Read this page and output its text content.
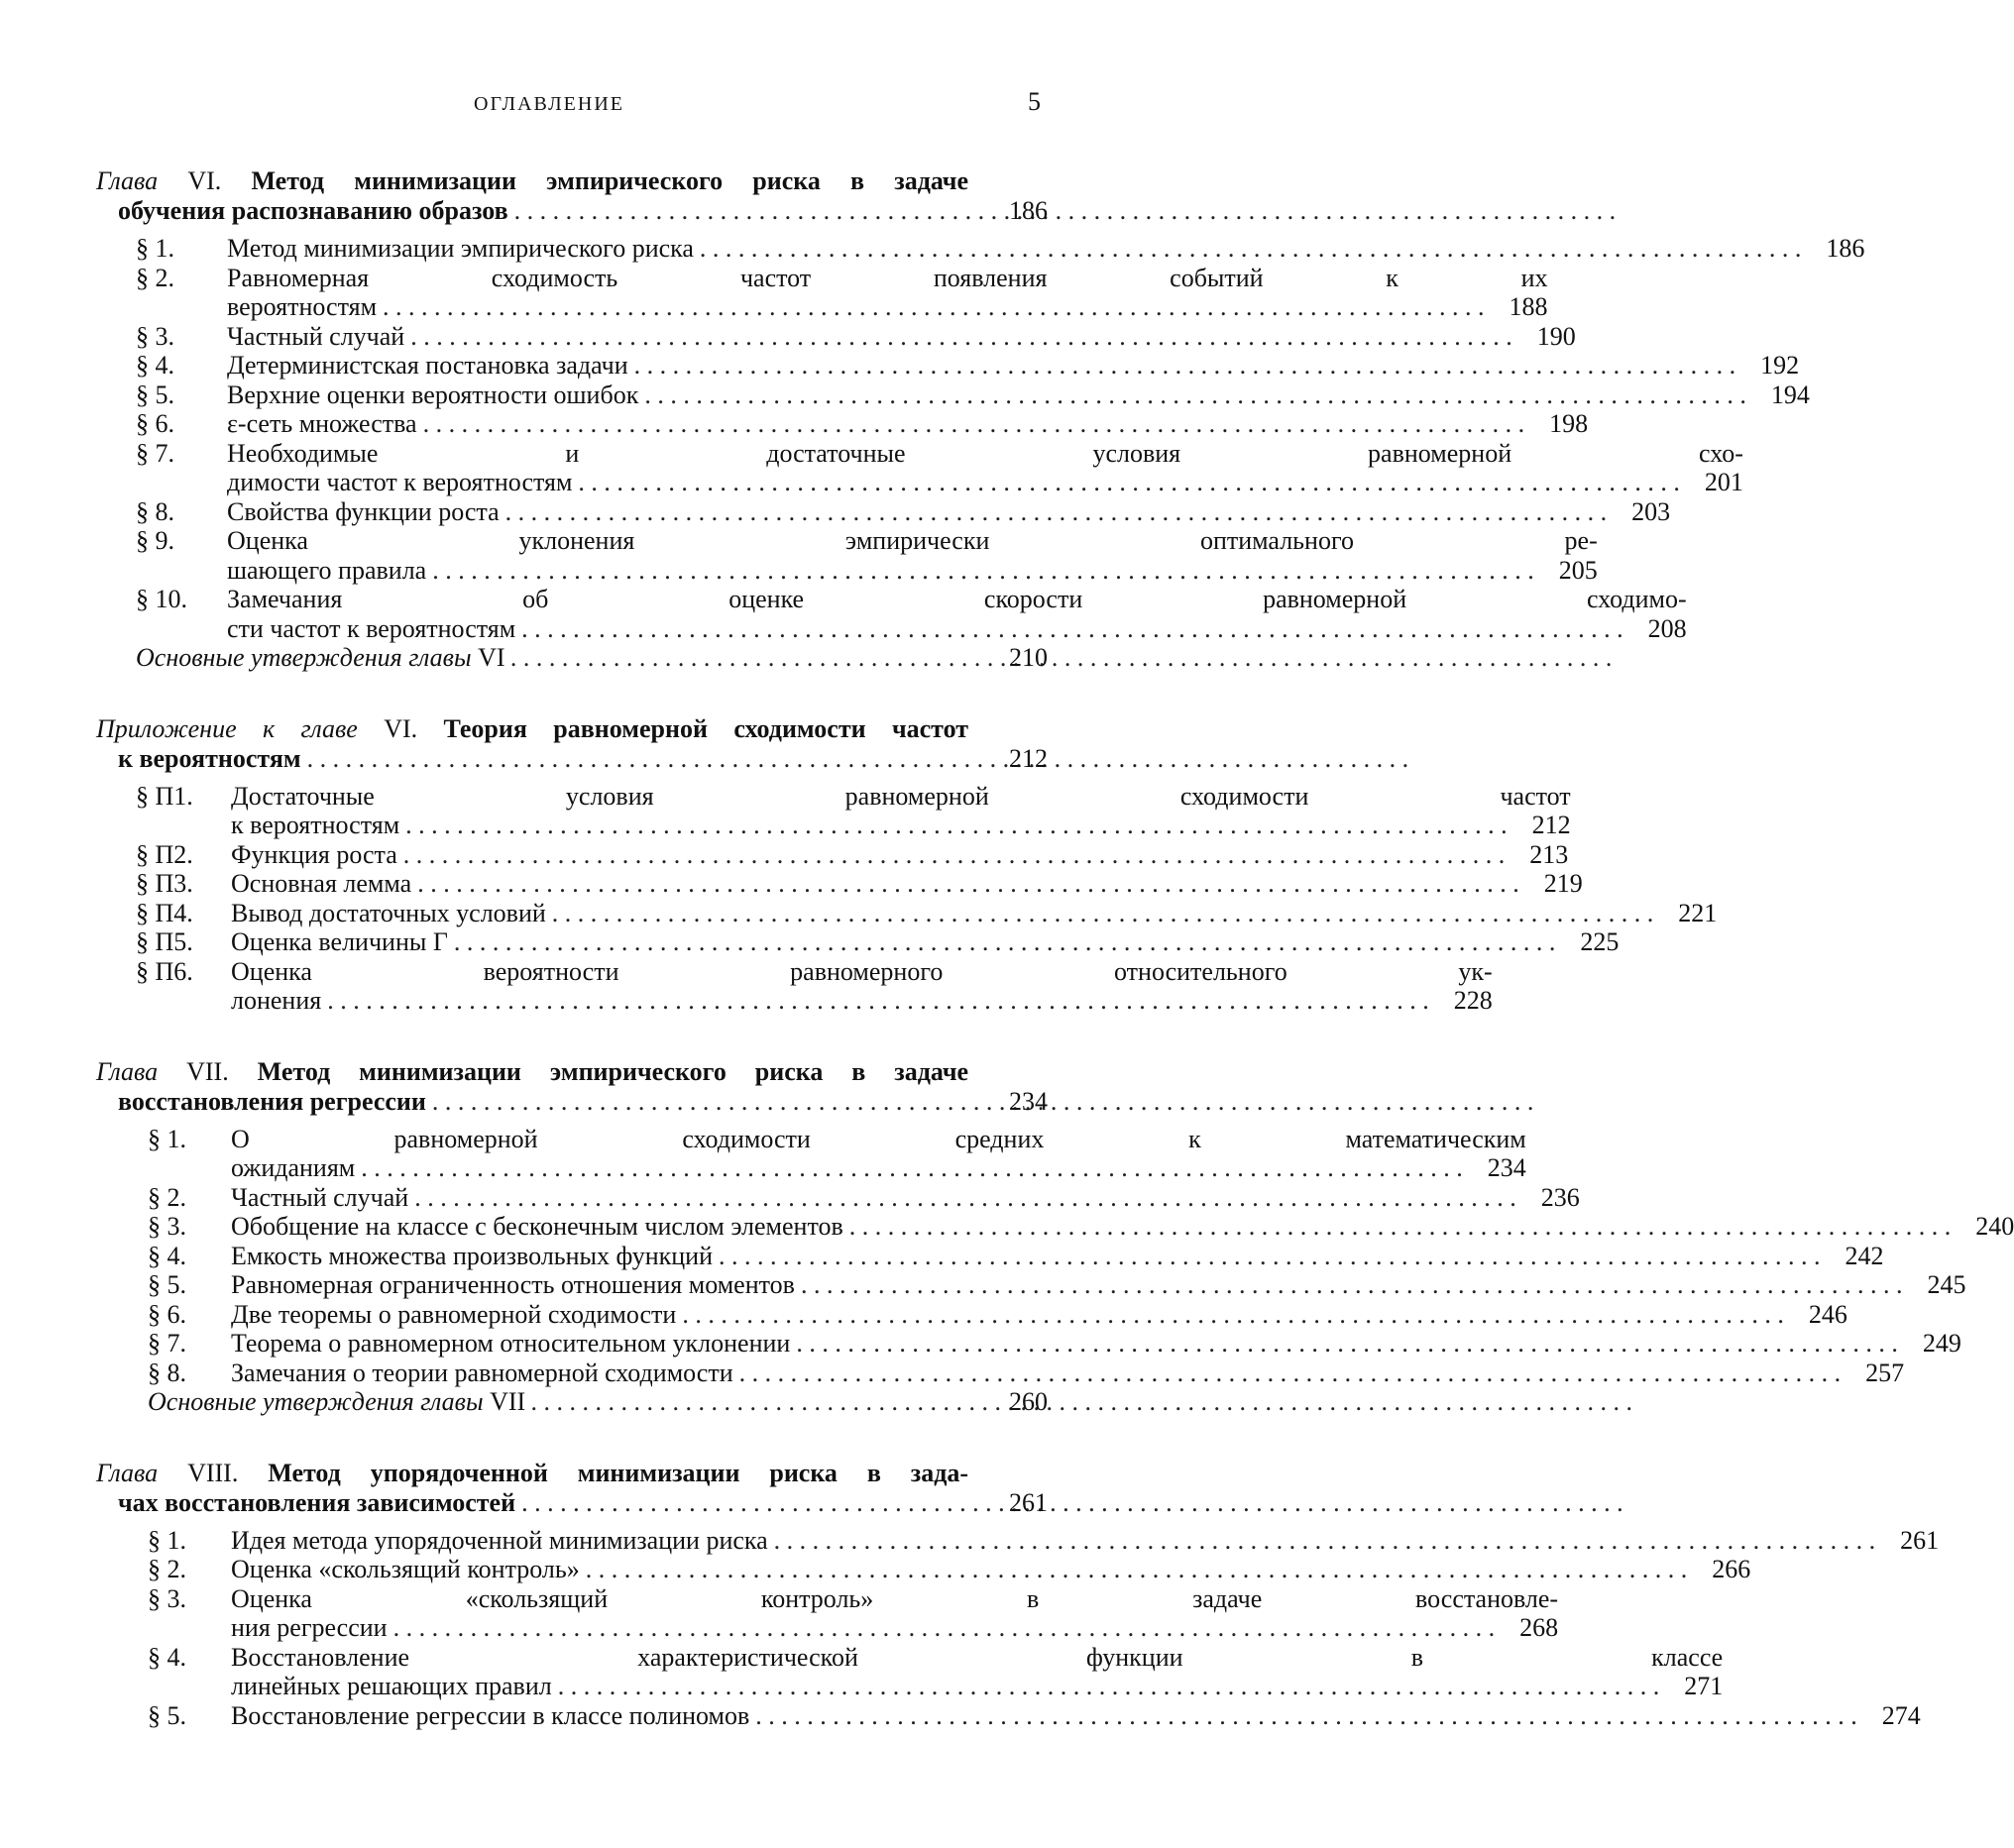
ОГЛАВЛЕНИЕ	5
Глава VI. Метод минимизации эмпирического риска в задаче
обучения распознаванию образов . . .	186
§ 1.	Метод минимизации эмпирического риска . . .	186
§ 2.	Равномерная сходимость частот появления событий к их
вероятностям . . .	188
§ 3.	Частный случай . . .	190
§ 4.	Детерминистская постановка задачи . . .	192
§ 5.	Верхние оценки вероятности ошибок . . .	194
§ 6.	ε-сеть множества . . .	198
§ 7.	Необходимые и достаточные условия равномерной схо-
димости частот к вероятностям . . .	201
§ 8.	Свойства функции роста . . .	203
§ 9.	Оценка уклонения эмпирически оптимального ре-
шающего правила . . .	205
§ 10.	Замечания об оценке скорости равномерной сходимо-
сти частот к вероятностям . . .	208
Основные утверждения главы VI . . .	210
Приложение к главе VI. Теория равномерной сходимости частот
к вероятностям . . .	212
§ П1.	Достаточные условия равномерной сходимости частот
к вероятностям . . .	212
§ П2.	Функция роста . . .	213
§ П3.	Основная лемма . . .	219
§ П4.	Вывод достаточных условий . . .	221
§ П5.	Оценка величины Г . . .	225
§ П6.	Оценка вероятности равномерного относительного ук-
лонения . . .	228
Глава VII. Метод минимизации эмпирического риска в задаче
восстановления регрессии . . .	234
§ 1.	О равномерной сходимости средних к математическим
ожиданиям . . .	234
§ 2.	Частный случай . . .	236
§ 3.	Обобщение на классе с бесконечным числом элементов . . .	240
§ 4.	Емкость множества произвольных функций . . .	242
§ 5.	Равномерная ограниченность отношения моментов . . .	245
§ 6.	Две теоремы о равномерной сходимости . . .	246
§ 7.	Теорема о равномерном относительном уклонении . . .	249
§ 8.	Замечания о теории равномерной сходимости . . .	257
Основные утверждения главы VII . . .	260
Глава VIII. Метод упорядоченной минимизации риска в зада-
чах восстановления зависимостей . . .	261
§ 1.	Идея метода упорядоченной минимизации риска . . .	261
§ 2.	Оценка «скользящий контроль» . . .	266
§ 3.	Оценка «скользящий контроль» в задаче восстановле-
ния регрессии . . .	268
§ 4.	Восстановление характеристической функции в классе
линейных решающих правил . . .	271
§ 5.	Восстановление регрессии в классе полиномов . . .	274
